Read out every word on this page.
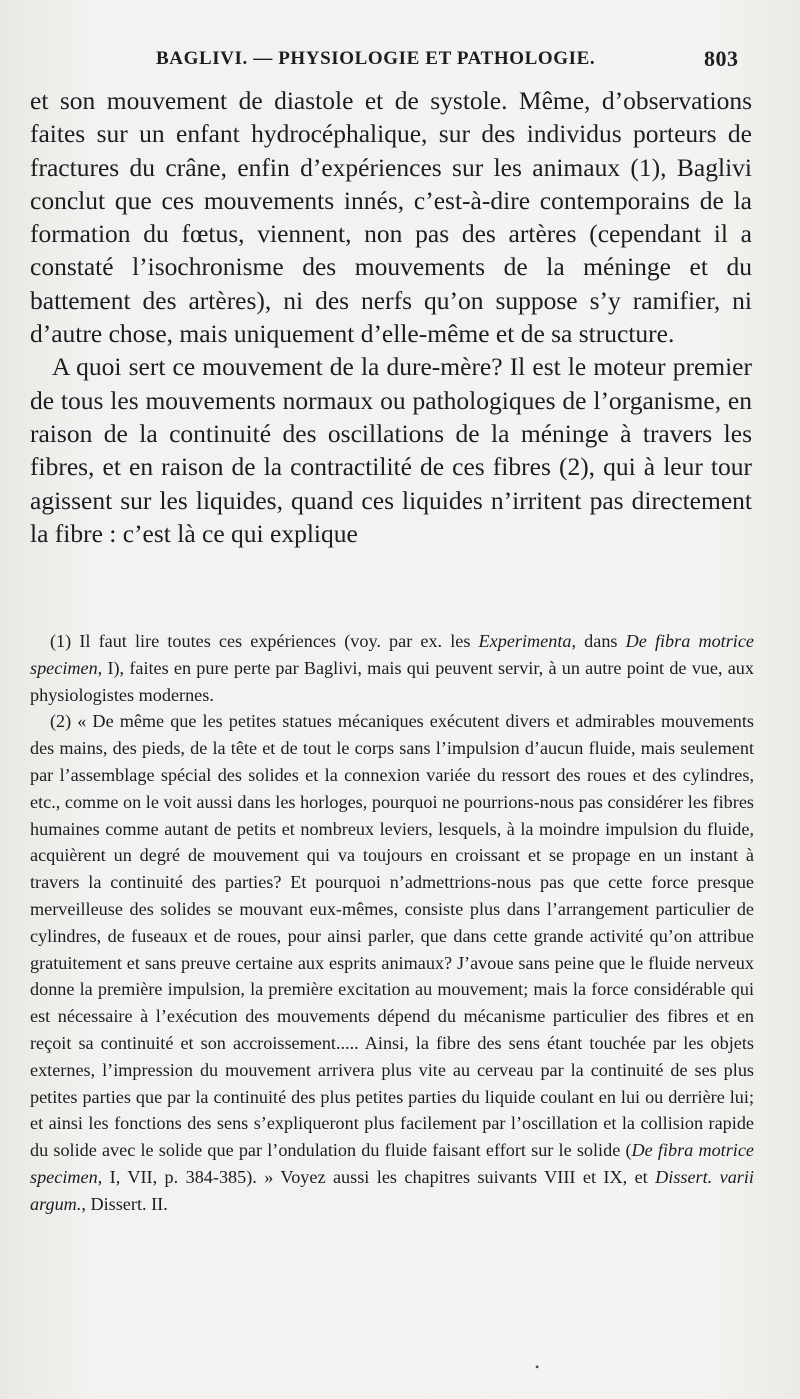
BAGLIVI. — PHYSIOLOGIE ET PATHOLOGIE.	803

et son mouvement de diastole et de systole. Même, d’observations faites sur un enfant hydrocéphalique, sur des individus porteurs de fractures du crâne, enfin d’expériences sur les animaux (1), Baglivi conclut que ces mouvements innés, c’est-à-dire contemporains de la formation du fœtus, viennent, non pas des artères (cependant il a constaté l’isochronisme des mouvements de la méninge et du battement des artères), ni des nerfs qu’on suppose s’y ramifier, ni d’autre chose, mais uniquement d’elle-même et de sa structure.

A quoi sert ce mouvement de la dure-mère? Il est le moteur premier de tous les mouvements normaux ou pathologiques de l’organisme, en raison de la continuité des oscillations de la méninge à travers les fibres, et en raison de la contractilité de ces fibres (2), qui à leur tour agissent sur les liquides, quand ces liquides n’irritent pas directement la fibre : c’est là ce qui explique

(1) Il faut lire toutes ces expériences (voy. par ex. les Experimenta, dans De fibra motrice specimen, I), faites en pure perte par Baglivi, mais qui peuvent servir, à un autre point de vue, aux physiologistes modernes.

(2) « De même que les petites statues mécaniques exécutent divers et admirables mouvements des mains, des pieds, de la tête et de tout le corps sans l’impulsion d’aucun fluide, mais seulement par l’assemblage spécial des solides et la connexion variée du ressort des roues et des cylindres, etc., comme on le voit aussi dans les horloges, pourquoi ne pourrions-nous pas considérer les fibres humaines comme autant de petits et nombreux leviers, lesquels, à la moindre impulsion du fluide, acquièrent un degré de mouvement qui va toujours en croissant et se propage en un instant à travers la continuité des parties? Et pourquoi n’admettrions-nous pas que cette force presque merveilleuse des solides se mouvant eux-mêmes, consiste plus dans l’arrangement particulier de cylindres, de fuseaux et de roues, pour ainsi parler, que dans cette grande activité qu’on attribue gratuitement et sans preuve certaine aux esprits animaux? J’avoue sans peine que le fluide nerveux donne la première impulsion, la première excitation au mouvement; mais la force considérable qui est nécessaire à l’exécution des mouvements dépend du mécanisme particulier des fibres et en reçoit sa continuité et son accroissement..... Ainsi, la fibre des sens étant touchée par les objets externes, l’impression du mouvement arrivera plus vite au cerveau par la continuité de ses plus petites parties que par la continuité des plus petites parties du liquide coulant en lui ou derrière lui; et ainsi les fonctions des sens s’expliqueront plus facilement par l’oscillation et la collision rapide du solide avec le solide que par l’ondulation du fluide faisant effort sur le solide (De fibra motrice specimen, I, VII, p. 384-385). » Voyez aussi les chapitres suivants VIII et IX, et Dissert. varii argum., Dissert. II.

•
